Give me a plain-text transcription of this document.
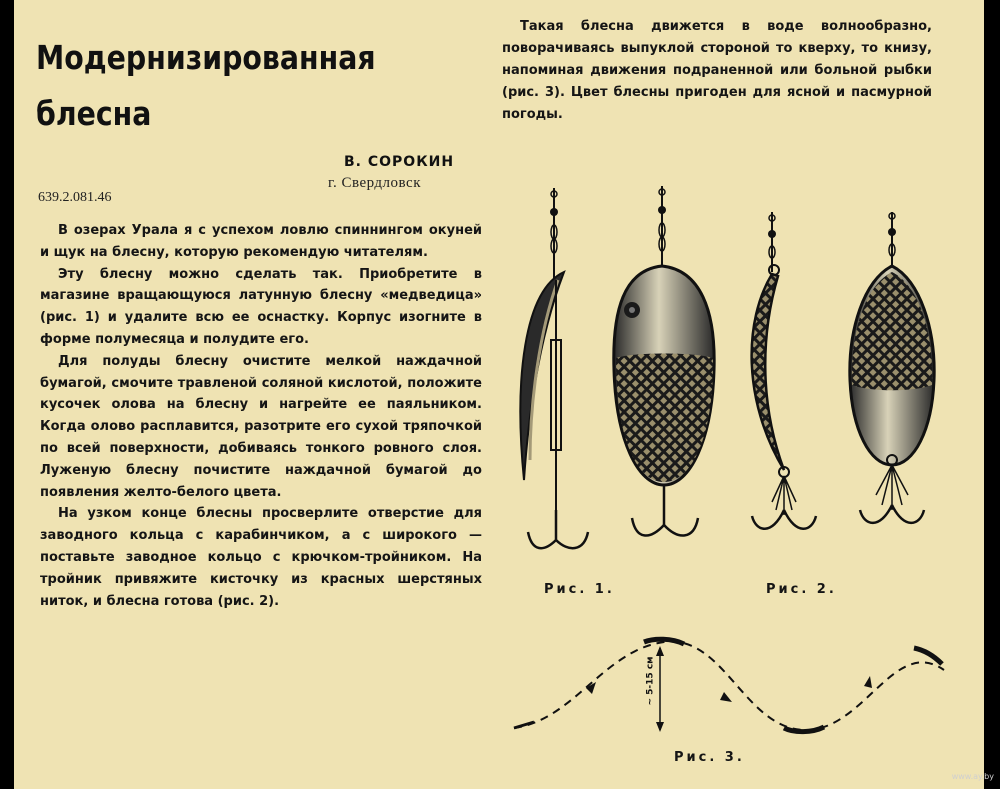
Модернизированная
блесна
В. СОРОКИН
г. Свердловск
639.2.081.46

В озерах Урала я с успехом ловлю спиннингом окуней и щук на блесну, которую рекомендую читателям.

Эту блесну можно сделать так. Приобретите в магазине вращающуюся латунную блесну «медведица» (рис. 1) и удалите всю ее оснастку. Корпус изогните в форме полумесяца и полудите его.

Для полуды блесну очистите мелкой наждачной бумагой, смочите травленой соляной кислотой, положите кусочек олова на блесну и нагрейте ее паяльником. Когда олово расплавится, разотрите его сухой тряпочкой по всей поверхности, добиваясь тонкого ровного слоя. Луженую блесну почистите наждачной бумагой до появления желто-белого цвета.

На узком конце блесны просверлите отверстие для заводного кольца с карабинчиком, а с широкого — поставьте заводное кольцо с крючком-тройником. На тройник привяжите кисточку из красных шерстяных ниток, и блесна готова (рис. 2).

Такая блесна движется в воде волнообразно, поворачиваясь выпуклой стороной то кверху, то книзу, напоминая движения подраненной или больной рыбки (рис. 3). Цвет блесны пригоден для ясной и пасмурной погоды.

Рис. 1.	Рис. 2.
Рис. 3.
~ 5-15 см
www.ay.by
